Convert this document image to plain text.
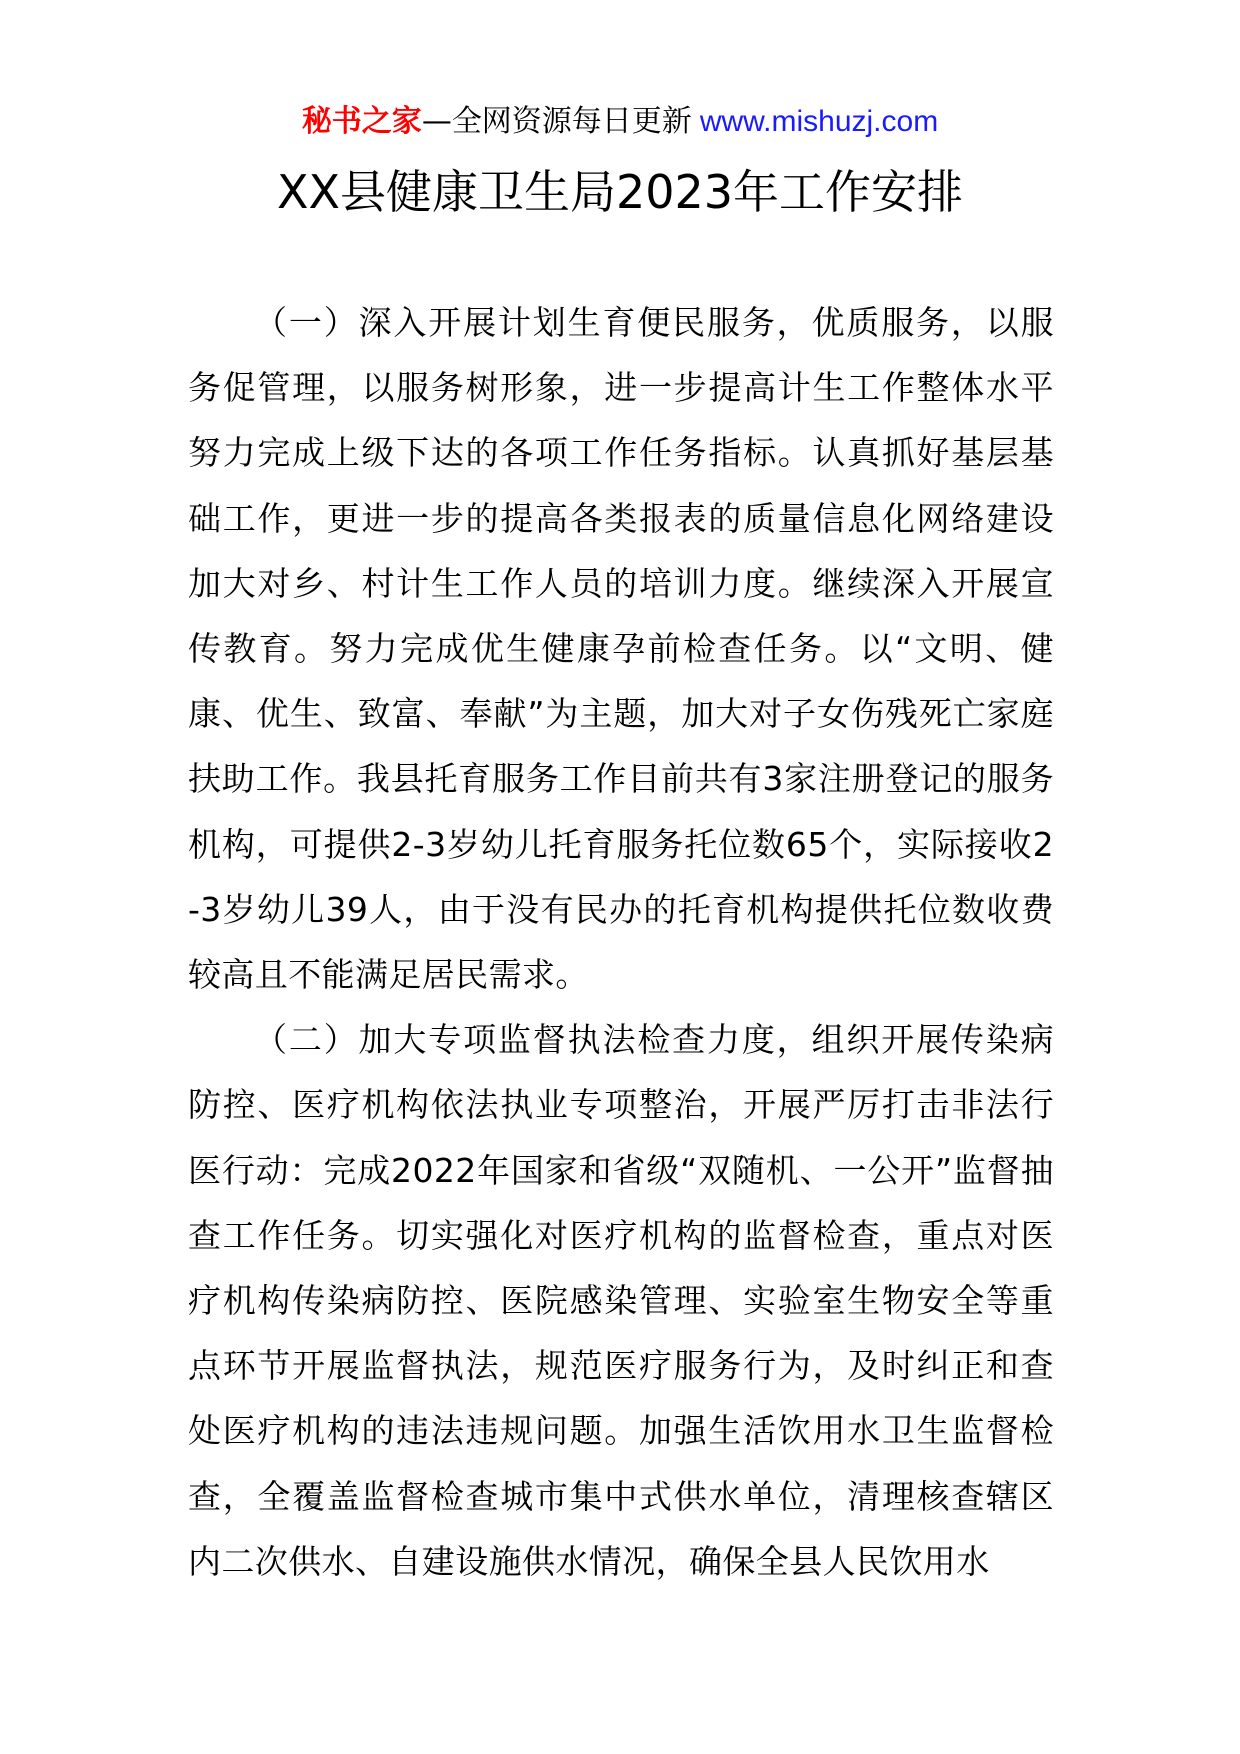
秘书之家—全网资源每日更新 www.mishuzj.com
XX县健康卫生局2023年工作安排

（一）深入开展计划生育便民服务，优质服务，以服务促管理，以服务树形象，进一步提高计生工作整体水平努力完成上级下达的各项工作任务指标。认真抓好基层基础工作，更进一步的提高各类报表的质量信息化网络建设加大对乡、村计生工作人员的培训力度。继续深入开展宣传教育。努力完成优生健康孕前检查任务。以“文明、健康、优生、致富、奉献”为主题，加大对子女伤残死亡家庭扶助工作。我县托育服务工作目前共有3家注册登记的服务机构，可提供2-3岁幼儿托育服务托位数65个，实际接收2-3岁幼儿39人，由于没有民办的托育机构提供托位数收费较高且不能满足居民需求。

（二）加大专项监督执法检查力度，组织开展传染病防控、医疗机构依法执业专项整治，开展严厉打击非法行医行动：完成2022年国家和省级“双随机、一公开”监督抽查工作任务。切实强化对医疗机构的监督检查，重点对医疗机构传染病防控、医院感染管理、实验室生物安全等重点环节开展监督执法，规范医疗服务行为，及时纠正和查处医疗机构的违法违规问题。加强生活饮用水卫生监督检查，全覆盖监督检查城市集中式供水单位，清理核查辖区内二次供水、自建设施供水情况，确保全县人民饮用水
